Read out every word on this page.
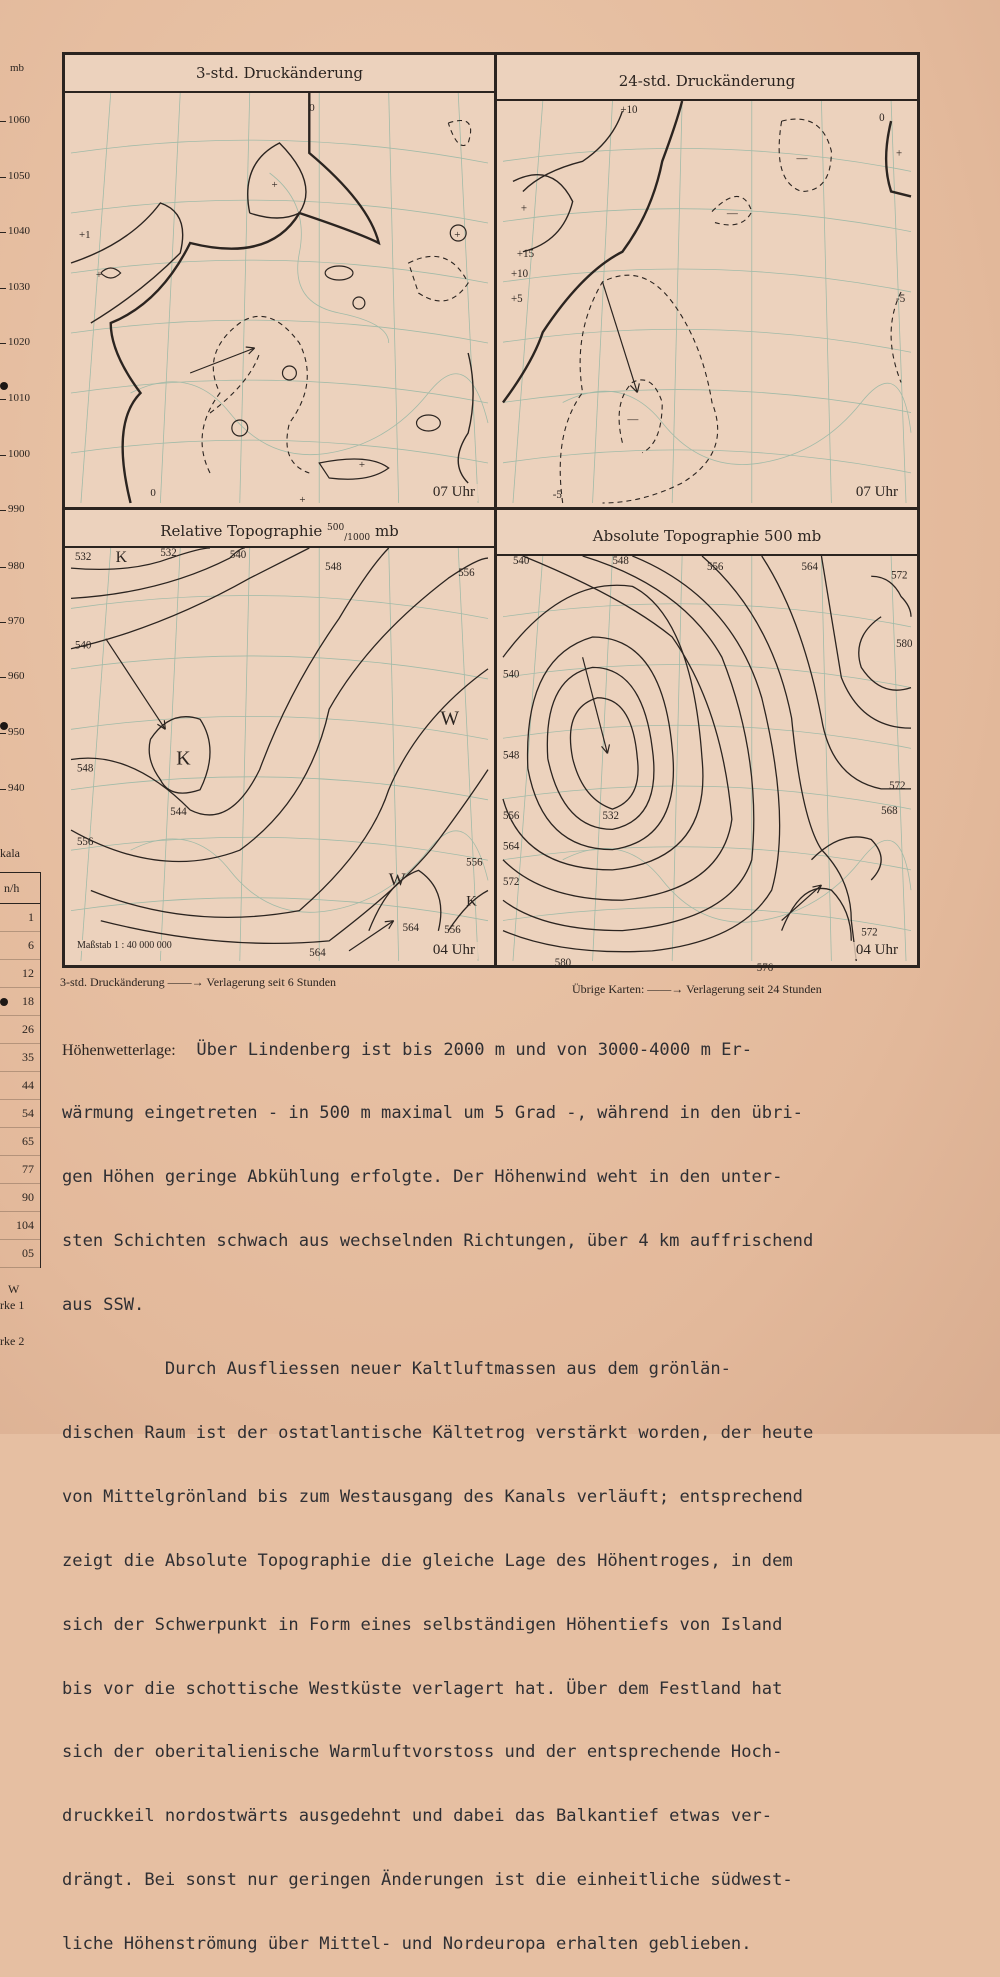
mb
1060
1050
1040
1030
1020
1010
1000
990
980
970
960
950
940
kala
n/h
1
6
12
18
26
35
44
54
65
77
90
104
05
W
rke 1
rke 2
3-std. Druckänderung
+
+
+
0
0
+1
+
+
07 Uhr
24-std. Druckänderung
+
+
—
—
—
+15
+10
+5
0
-5
-5
+10
07 Uhr
Relative Topographie $^{500}_{/1000}$ mb
532 K	532	540
548
556
540
K
548
544
W
556
W
556
K
564 556
564
Maßstab 1 : 40 000 000	04 Uhr
Absolute Topographie 500 mb
540	548
556	564
572
540
548
556
564
572
532
580
572
568
572
576
580
04 Uhr
3-std. Druckänderung ——→ Verlagerung seit 6 Stunden	Übrige Karten: ——→ Verlagerung seit 24 Stunden

Höhenwetterlage: Über Lindenberg ist bis 2000 m und von 3000-4000 m Er-

wärmung eingetreten - in 500 m maximal um 5 Grad -, während in den übri-

gen Höhen geringe Abkühlung erfolgte. Der Höhenwind weht in den unter-

sten Schichten schwach aus wechselnden Richtungen, über 4 km auffrischend

aus SSW.

Durch Ausfliessen neuer Kaltluftmassen aus dem grönlän-

dischen Raum ist der ostatlantische Kältetrog verstärkt worden, der heute

von Mittelgrönland bis zum Westausgang des Kanals verläuft; entsprechend

zeigt die Absolute Topographie die gleiche Lage des Höhentroges, in dem

sich der Schwerpunkt in Form eines selbständigen Höhentiefs von Island

bis vor die schottische Westküste verlagert hat. Über dem Festland hat

sich der oberitalienische Warmluftvorstoss und der entsprechende Hoch-

druckkeil nordostwärts ausgedehnt und dabei das Balkantief etwas ver-

drängt. Bei sonst nur geringen Änderungen ist die einheitliche südwest-

liche Höhenströmung über Mittel- und Nordeuropa erhalten geblieben.
